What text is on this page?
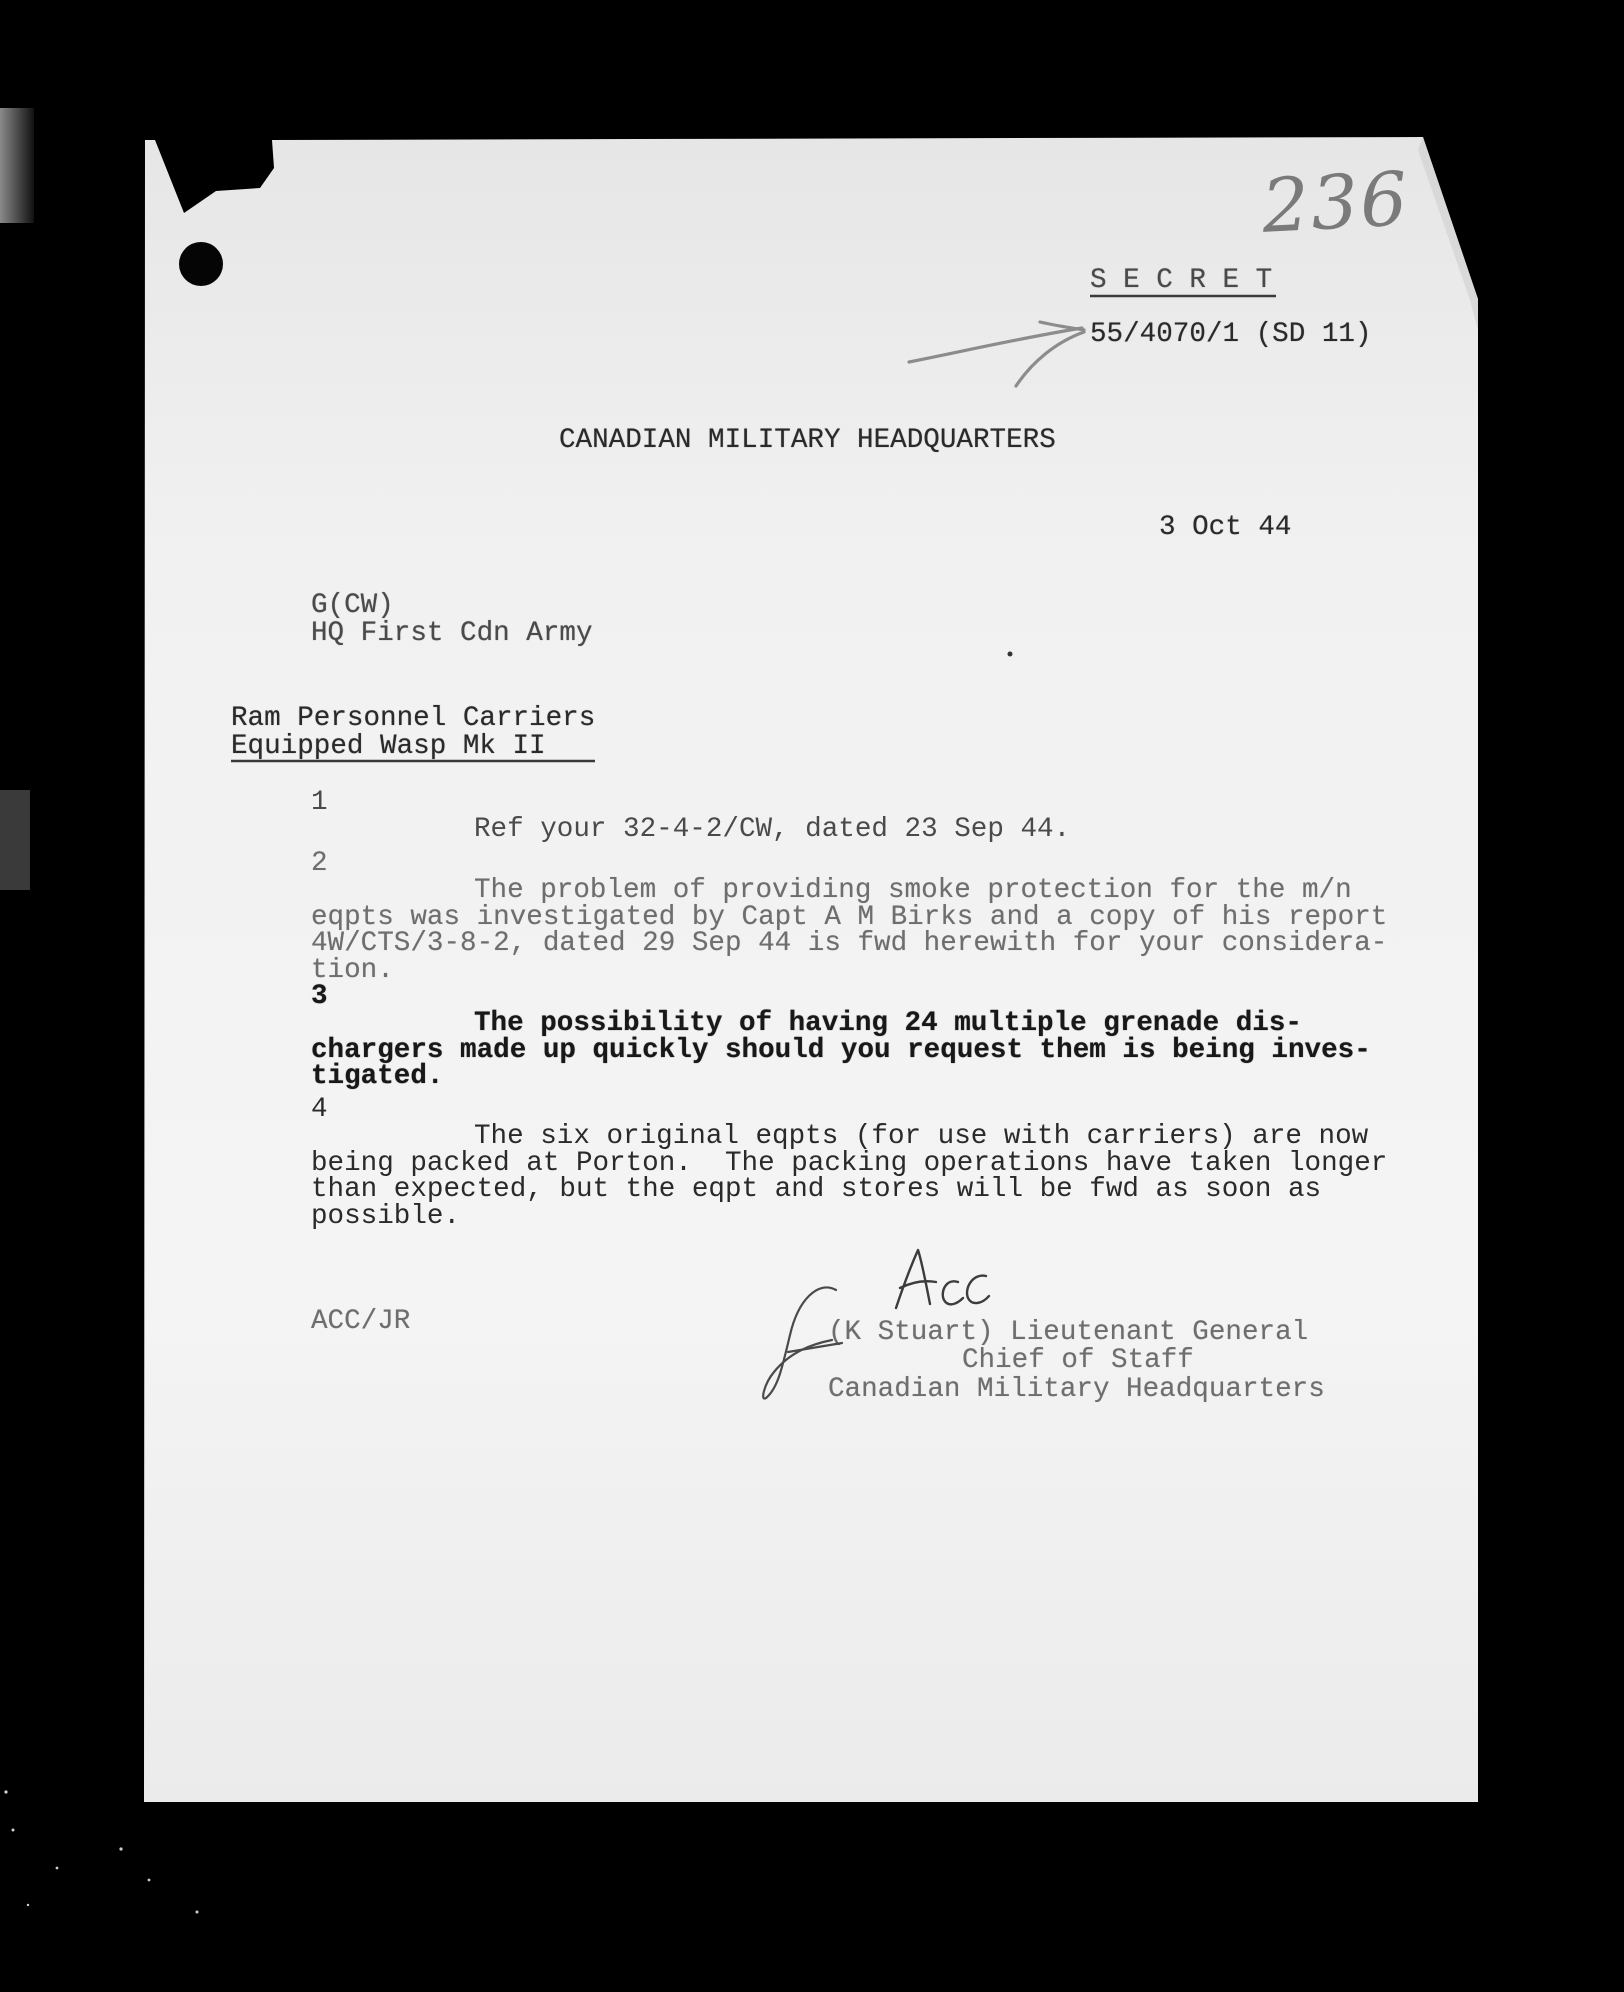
236
S E C R E T
55/4070/1 (SD 11)
CANADIAN MILITARY HEADQUARTERS
3 Oct 44
G(CW)
HQ First Cdn Army
Ram Personnel Carriers
Equipped Wasp Mk II
1
Ref your 32-4-2/CW, dated 23 Sep 44.
2
The problem of providing smoke protection for the m/n
eqpts was investigated by Capt A M Birks and a copy of his report
4W/CTS/3-8-2, dated 29 Sep 44 is fwd herewith for your considera-
tion.
3
The possibility of having 24 multiple grenade dis-
chargers made up quickly should you request them is being inves-
tigated.
4
The six original eqpts (for use with carriers) are now
being packed at Porton.  The packing operations have taken longer
than expected, but the eqpt and stores will be fwd as soon as
possible.
ACC/JR	(K Stuart) Lieutenant General
Chief of Staff
Canadian Military Headquarters
